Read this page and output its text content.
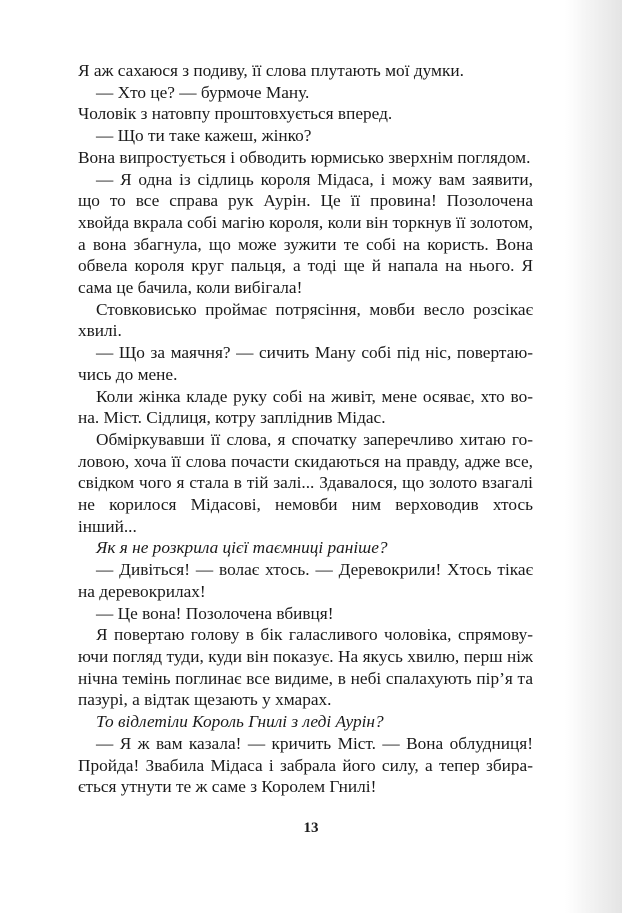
Я аж сахаюся з подиву, її слова плутають мої думки.

— Хто це? — бурмоче Ману.

Чоловік з натовпу проштовхується вперед.

— Що ти таке кажеш, жінко?

Вона випростується і обводить юрмисько зверхнім поглядом.

— Я одна із сідлиць короля Мідаса, і можу вам заявити, що то все справа рук Аурін. Це її провина! Позолочена хвойда вкрала собі магію короля, коли він торкнув її золотом, а вона збагнула, що може зужити те собі на користь. Вона обвела короля круг пальця, а тоді ще й напала на нього. Я сама це бачила, коли вибігала!

Стовковисько проймає потрясіння, мовби весло розсікає хвилі.

— Що за маячня? — сичить Ману собі під ніс, повертаючись до мене.

Коли жінка кладе руку собі на живіт, мене осяває, хто вона. Міст. Сідлиця, котру запліднив Мідас.

Обміркувавши її слова, я спочатку заперечливо хитаю головою, хоча її слова почасти скидаються на правду, адже все, свідком чого я стала в тій залі... Здавалося, що золото взагалі не корилося Мідасові, немовби ним верховодив хтось інший...

Як я не розкрила цієї таємниці раніше?

— Дивіться! — волає хтось. — Деревокрили! Хтось тікає на деревокрилах!

— Це вона! Позолочена вбивця!

Я повертаю голову в бік галасливого чоловіка, спрямовуючи погляд туди, куди він показує. На якусь хвилю, перш ніж нічна темінь поглинає все видиме, в небі спалахують пір’я та пазурі, а відтак щезають у хмарах.

То відлетіли Король Гнилі з леді Аурін?

— Я ж вам казала! — кричить Міст. — Вона облудниця! Пройда! Звабила Мідаса і забрала його силу, а тепер збирається утнути те ж саме з Королем Гнилі!

13
